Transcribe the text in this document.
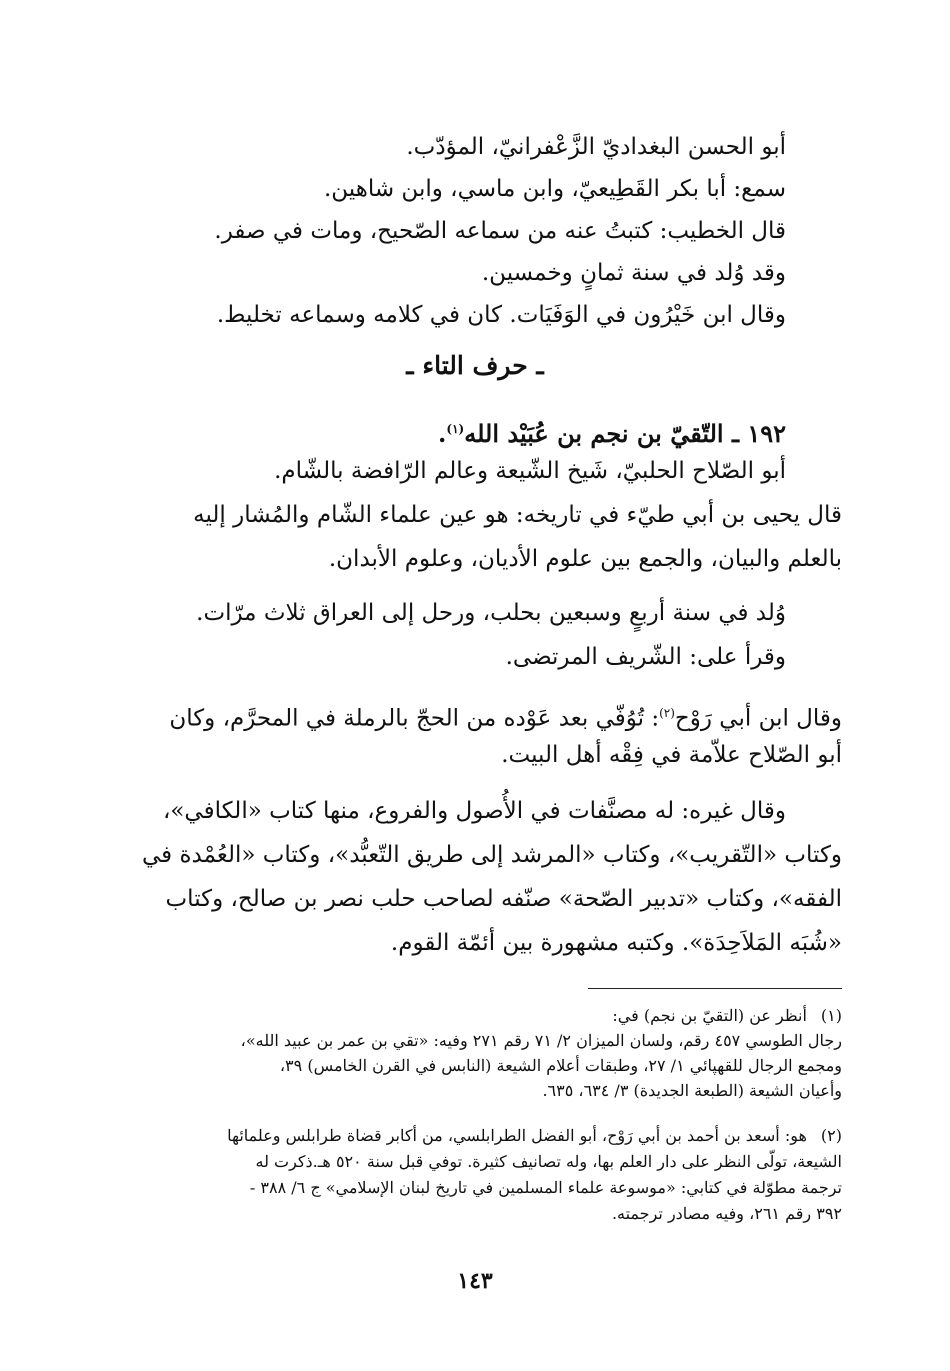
أبو الحسن البغداديّ الزَّعْفرانيّ، المؤدّب.
سمع: أبا بكر القَطِيعيّ، وابن ماسي، وابن شاهين.
قال الخطيب: كتبتُ عنه من سماعه الصّحيح، ومات في صفر.
وقد وُلد في سنة ثمانٍ وخمسين.
وقال ابن خَيْرُون في الوَفَيَات. كان في كلامه وسماعه تخليط.
ـ حرف التاء ـ
١٩٢ ـ التّقيّ بن نجم بن عُبَيْد الله$^{(١)}$.
أبو الصّلاح الحلبيّ، شَيخ الشّيعة وعالم الرّافضة بالشّام.
قال يحيى بن أبي طيّء في تاريخه: هو عين علماء الشّام والمُشار إليه
بالعلم والبيان، والجمع بين علوم الأديان، وعلوم الأبدان.
وُلد في سنة أربعٍ وسبعين بحلب، ورحل إلى العراق ثلاث مرّات.
وقرأ على: الشّريف المرتضى.
وقال ابن أبي رَوْح$^{(٢)}$: تُوُفّي بعد عَوْده من الحجّ بالرملة في المحرَّم، وكان
أبو الصّلاح علاّمة في فِقْه أهل البيت.
وقال غيره: له مصنَّفات في الأُصول والفروع، منها كتاب «الكافي»،
وكتاب «التّقريب»، وكتاب «المرشد إلى طريق التّعبُّد»، وكتاب «العُمْدة في
الفقه»، وكتاب «تدبير الصّحة» صنّفه لصاحب حلب نصر بن صالح، وكتاب
«شُبَه المَلاَحِدَة». وكتبه مشهورة بين أئمّة القوم.
(١) أنظر عن (التقيّ بن نجم) في:
رجال الطوسي ٤٥٧ رقم، ولسان الميزان ٢/ ٧١ رقم ٢٧١ وفيه: «تقي بن عمر بن عبيد الله»،
ومجمع الرجال للقهپائي ١/ ٢٧، وطبقات أعلام الشيعة (النابس في القرن الخامس) ٣٩،
وأعيان الشيعة (الطبعة الجديدة) ٣/ ٦٣٤، ٦٣٥.
(٢) هو: أسعد بن أحمد بن أبي رَوْح، أبو الفضل الطرابلسي، من أكابر قضاة طرابلس وعلمائها
الشيعة، تولّى النظر على دار العلم بها، وله تصانيف كثيرة. توفي قبل سنة ٥٢٠ هـ.ذكرت له
ترجمة مطوّلة في كتابي: «موسوعة علماء المسلمين في تاريخ لبنان الإسلامي» ج ٦/ ٣٨٨ -
٣٩٢ رقم ٢٦١، وفيه مصادر ترجمته.
١٤٣
